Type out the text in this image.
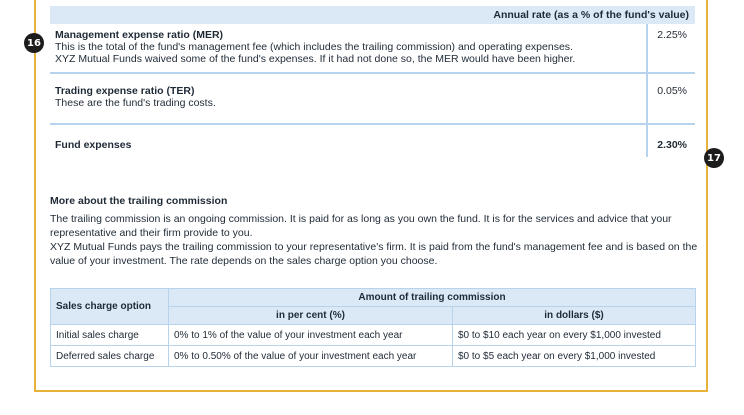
16
17
Annual rate (as a % of the fund's value)	

Management expense ratio (MER)
This is the total of the fund's management fee (which includes the trailing commission) and operating expenses.
XYZ Mutual Funds waived some of the fund's expenses. If it had not done so, the MER would have been higher.	2.25%

Trading expense ratio (TER)
These are the fund's trading costs.	0.05%

Fund expenses	2.30%
More about the trailing commission

The trailing commission is an ongoing commission. It is paid for as long as you own the fund. It is for the services and advice that your representative and their firm provide to you.

XYZ Mutual Funds pays the trailing commission to your representative's firm. It is paid from the fund's management fee and is based on the value of your investment. The rate depends on the sales charge option you choose.

Sales charge option	Amount of trailing commission	
	in per cent (%)	in dollars ($)
Initial sales charge	0% to 1% of the value of your investment each year	$0 to $10 each year on every $1,000 invested
Deferred sales charge	0% to 0.50% of the value of your investment each year	$0 to $5 each year on every $1,000 invested
